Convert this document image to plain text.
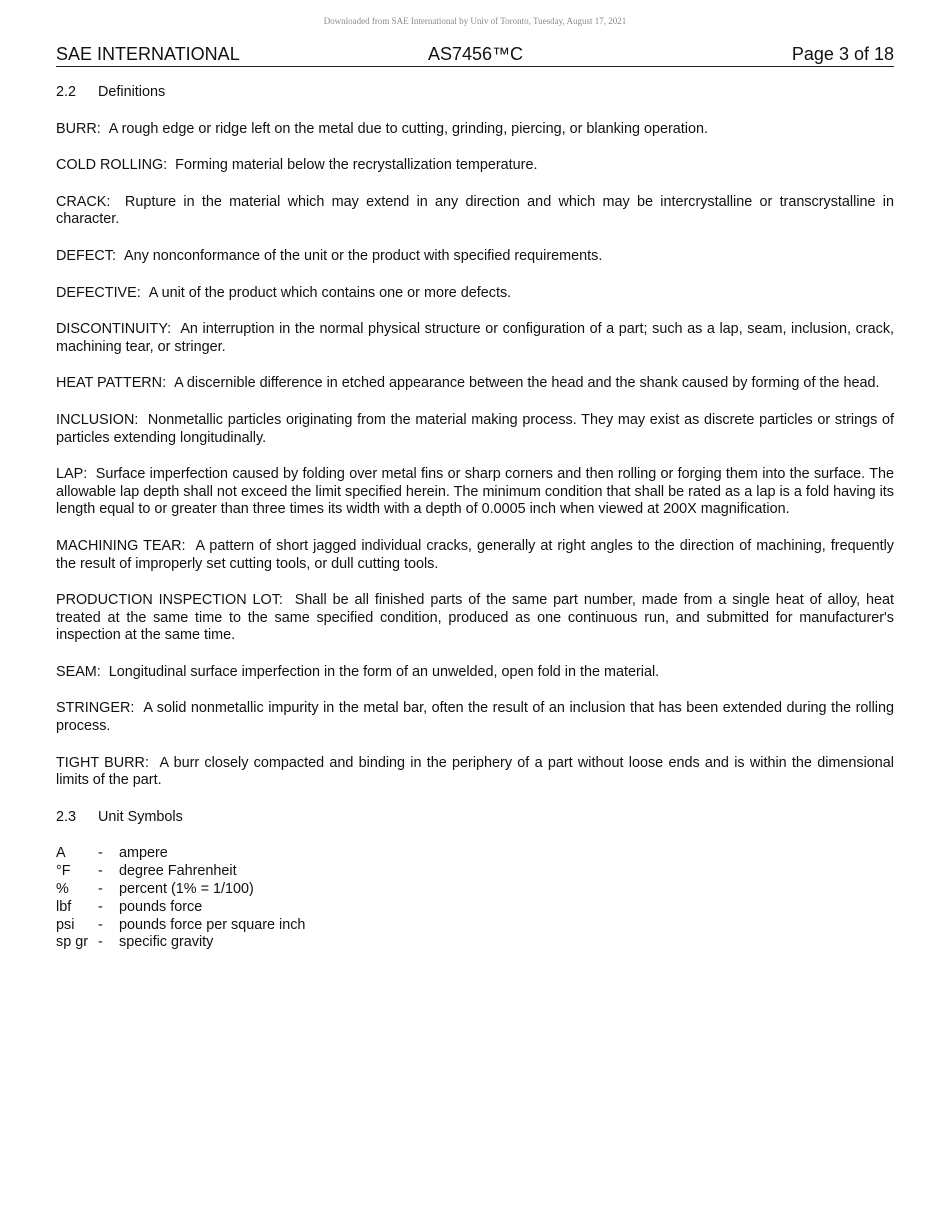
Downloaded from SAE International by Univ of Toronto, Tuesday, August 17, 2021
SAE INTERNATIONAL	AS7456™C	Page 3 of 18
2.2	Definitions

BURR: A rough edge or ridge left on the metal due to cutting, grinding, piercing, or blanking operation.

COLD ROLLING: Forming material below the recrystallization temperature.

CRACK: Rupture in the material which may extend in any direction and which may be intercrystalline or transcrystalline in character.

DEFECT: Any nonconformance of the unit or the product with specified requirements.

DEFECTIVE: A unit of the product which contains one or more defects.

DISCONTINUITY: An interruption in the normal physical structure or configuration of a part; such as a lap, seam, inclusion, crack, machining tear, or stringer.

HEAT PATTERN: A discernible difference in etched appearance between the head and the shank caused by forming of the head.

INCLUSION: Nonmetallic particles originating from the material making process. They may exist as discrete particles or strings of particles extending longitudinally.

LAP: Surface imperfection caused by folding over metal fins or sharp corners and then rolling or forging them into the surface. The allowable lap depth shall not exceed the limit specified herein. The minimum condition that shall be rated as a lap is a fold having its length equal to or greater than three times its width with a depth of 0.0005 inch when viewed at 200X magnification.

MACHINING TEAR: A pattern of short jagged individual cracks, generally at right angles to the direction of machining, frequently the result of improperly set cutting tools, or dull cutting tools.

PRODUCTION INSPECTION LOT: Shall be all finished parts of the same part number, made from a single heat of alloy, heat treated at the same time to the same specified condition, produced as one continuous run, and submitted for manufacturer's inspection at the same time.

SEAM: Longitudinal surface imperfection in the form of an unwelded, open fold in the material.

STRINGER: A solid nonmetallic impurity in the metal bar, often the result of an inclusion that has been extended during the rolling process.

TIGHT BURR: A burr closely compacted and binding in the periphery of a part without loose ends and is within the dimensional limits of the part.

2.3	Unit Symbols
A	-	ampere
°F	-	degree Fahrenheit
%	-	percent (1% = 1/100)
lbf	-	pounds force
psi	-	pounds force per square inch
sp gr -	specific gravity
